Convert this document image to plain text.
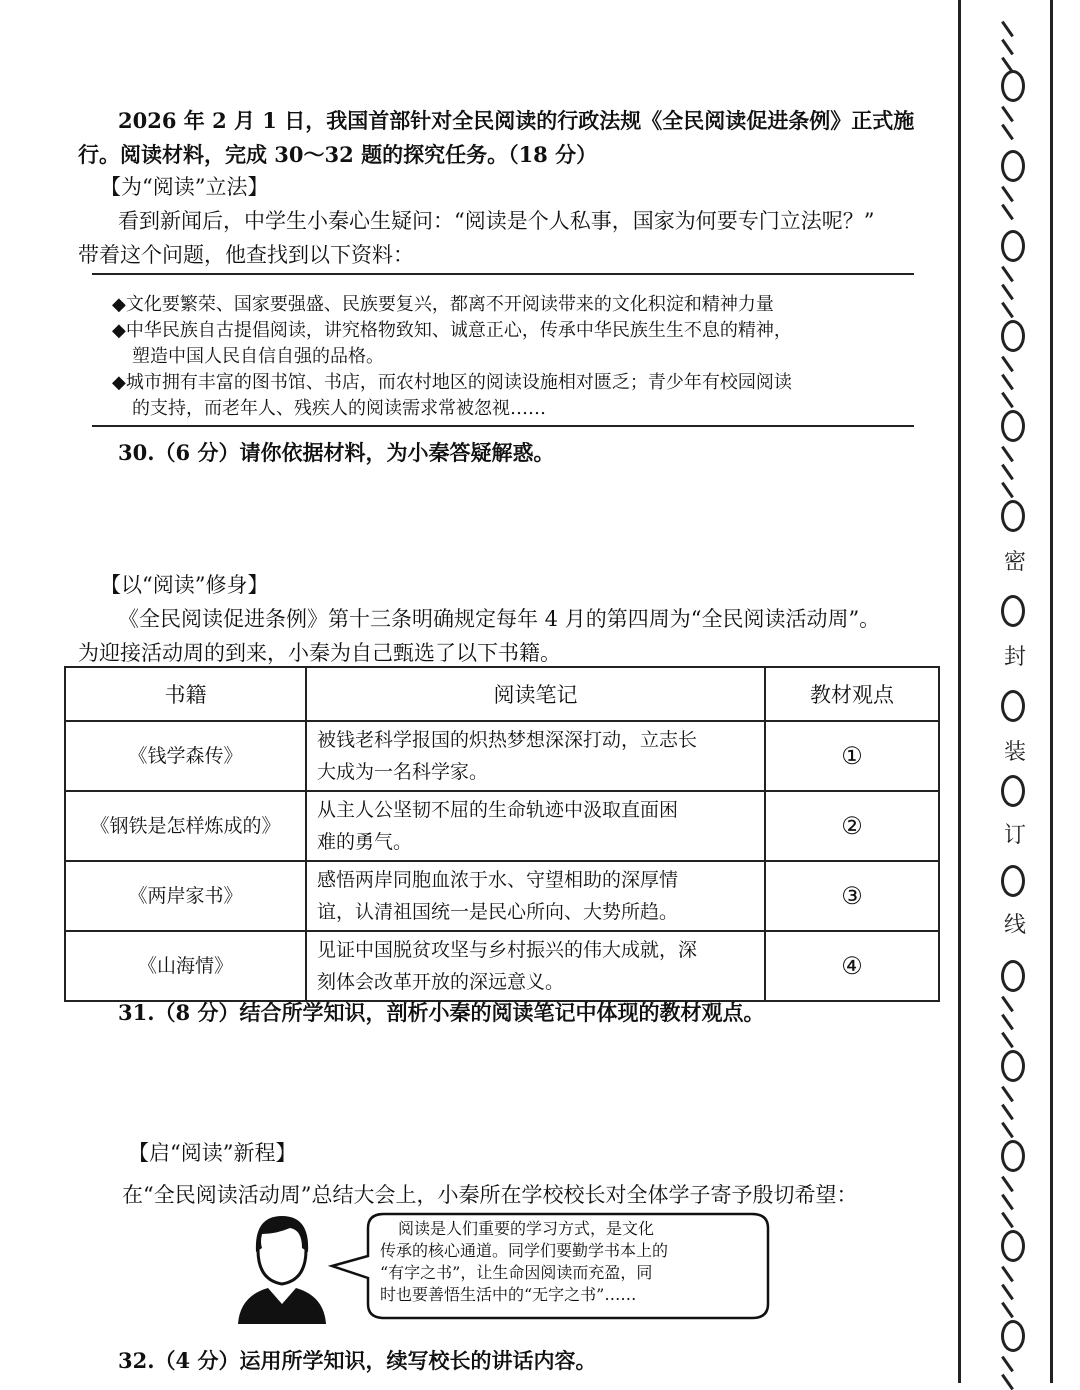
2026 年 2 月 1 日，我国首部针对全民阅读的行政法规《全民阅读促进条例》正式施
行。阅读材料，完成 30～32 题的探究任务。（18 分）
【为“阅读”立法】
看到新闻后，中学生小秦心生疑问：“阅读是个人私事，国家为何要专门立法呢？”
带着这个问题，他查找到以下资料：
◆文化要繁荣、国家要强盛、民族要复兴，都离不开阅读带来的文化积淀和精神力量
◆中华民族自古提倡阅读，讲究格物致知、诚意正心，传承中华民族生生不息的精神，
塑造中国人民自信自强的品格。
◆城市拥有丰富的图书馆、书店，而农村地区的阅读设施相对匮乏；青少年有校园阅读
的支持，而老年人、残疾人的阅读需求常被忽视……
30.（6 分）请你依据材料，为小秦答疑解惑。
【以“阅读”修身】
《全民阅读促进条例》第十三条明确规定每年 4 月的第四周为“全民阅读活动周”。
为迎接活动周的到来，小秦为自己甄选了以下书籍。
书籍	阅读笔记	教材观点
《钱学森传》	被钱老科学报国的炽热梦想深深打动，立志长
大成为一名科学家。	①
《钢铁是怎样炼成的》	从主人公坚韧不屈的生命轨迹中汲取直面困
难的勇气。	②
《两岸家书》	感悟两岸同胞血浓于水、守望相助的深厚情
谊，认清祖国统一是民心所向、大势所趋。	③
《山海情》	见证中国脱贫攻坚与乡村振兴的伟大成就，深
刻体会改革开放的深远意义。	④
31.（8 分）结合所学知识，剖析小秦的阅读笔记中体现的教材观点。
【启“阅读”新程】
在“全民阅读活动周”总结大会上，小秦所在学校校长对全体学子寄予殷切希望：
阅读是人们重要的学习方式，是文化
传承的核心通道。同学们要勤学书本上的
“有字之书”，让生命因阅读而充盈，同
时也要善悟生活中的“无字之书”……
32.（4 分）运用所学知识，续写校长的讲话内容。
密
封
装
订
线
